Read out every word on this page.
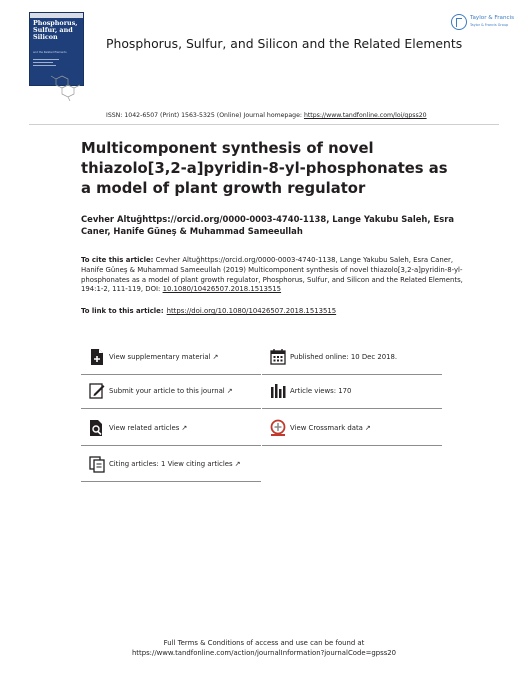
Phosphorus, Sulfur, and Silicon
and the Related Elements
Phosphorus, Sulfur, and Silicon and the Related Elements
Taylor & Francis
Taylor & Francis Group
ISSN: 1042-6507 (Print) 1563-5325 (Online) Journal homepage: https://www.tandfonline.com/loi/gpss20
Multicomponent synthesis of novel thiazolo[3,2-a]pyridin-8-yl-phosphonates as a model of plant growth regulator
Cevher Altuğhttps://orcid.org/0000-0003-4740-1138, Lange Yakubu Saleh, Esra Caner, Hanife Güneş & Muhammad Sameeullah
To cite this article: Cevher Altuğhttps://orcid.org/0000-0003-4740-1138, Lange Yakubu Saleh, Esra Caner, Hanife Güneş & Muhammad Sameeullah (2019) Multicomponent synthesis of novel thiazolo[3,2-a]pyridin-8-yl-phosphonates as a model of plant growth regulator, Phosphorus, Sulfur, and Silicon and the Related Elements, 194:1-2, 111-119, DOI: 10.1080/10426507.2018.1513515
To link to this article: https://doi.org/10.1080/10426507.2018.1513515
View supplementary material ↗	Published online: 10 Dec 2018.
Submit your article to this journal ↗	Article views: 170
View related articles ↗	View Crossmark data ↗
Citing articles: 1 View citing articles ↗
Full Terms & Conditions of access and use can be found at
https://www.tandfonline.com/action/journalInformation?journalCode=gpss20
